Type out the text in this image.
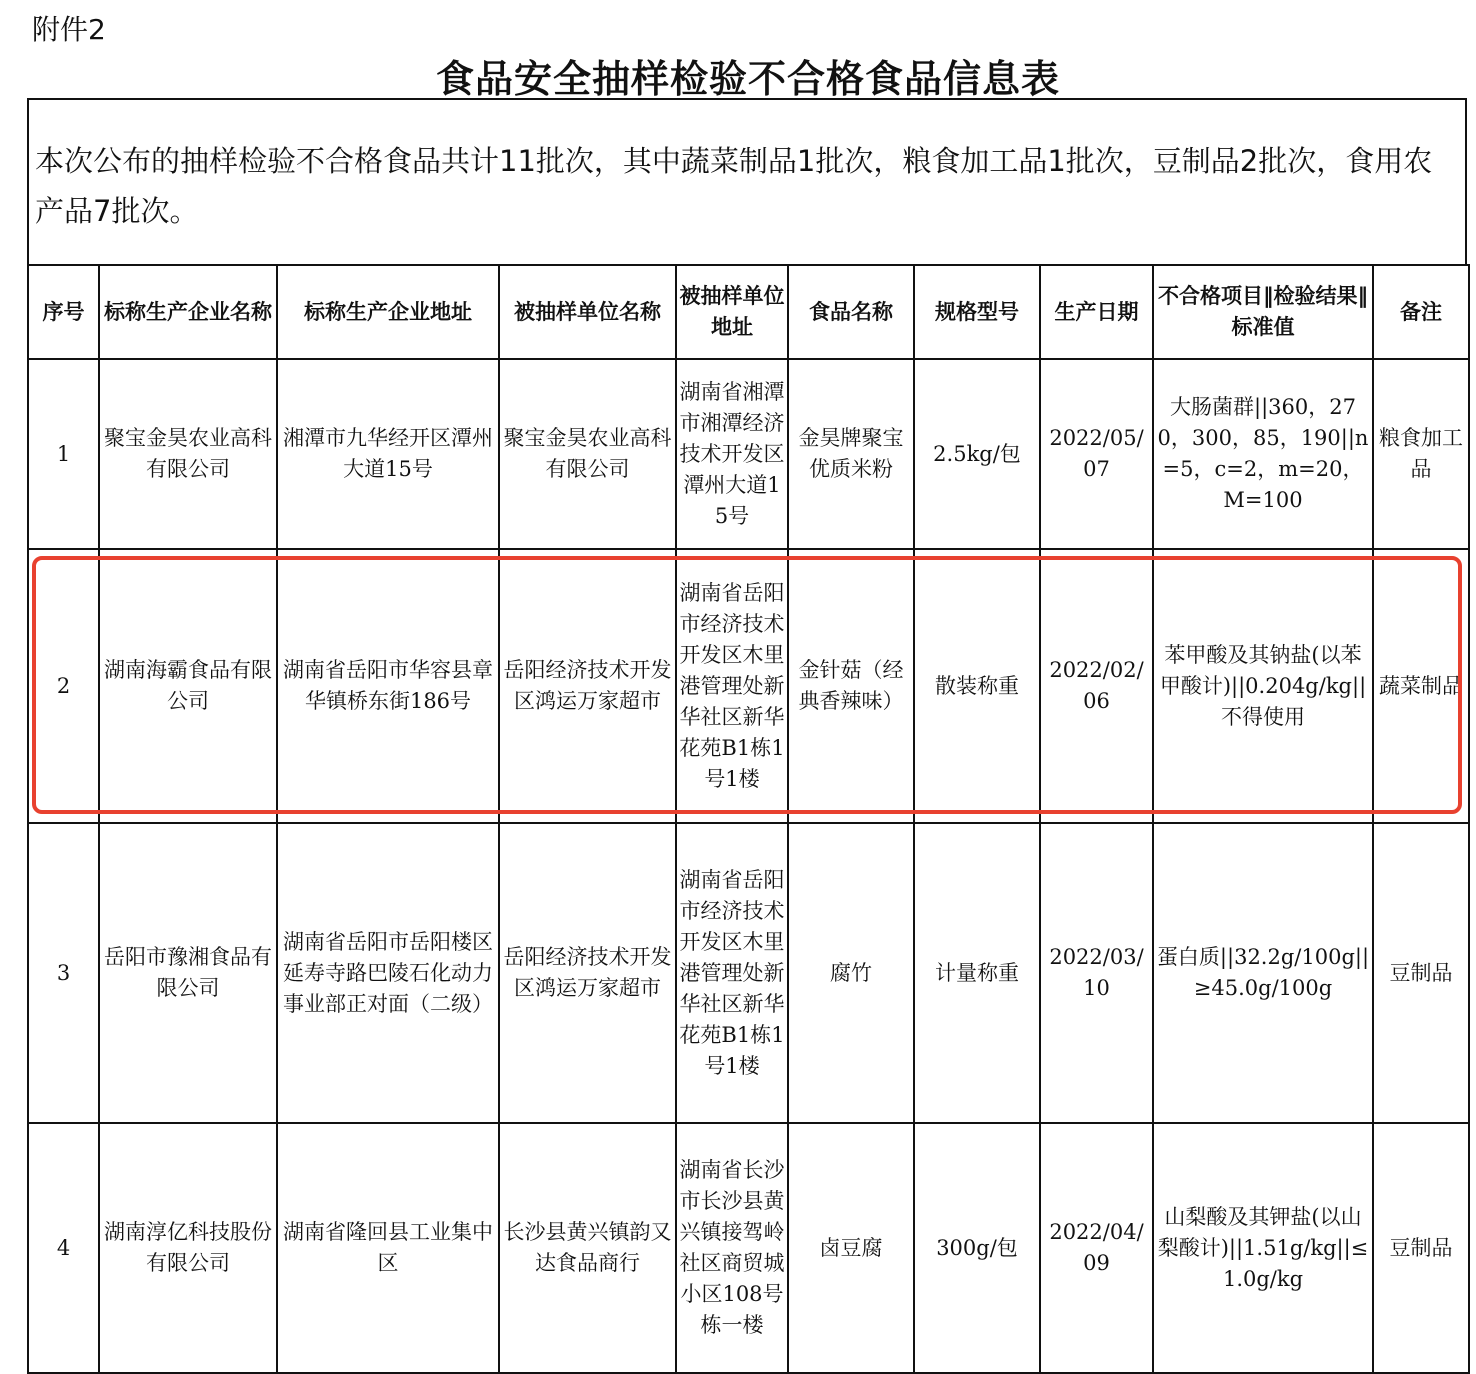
附件2
食品安全抽样检验不合格食品信息表
本次公布的抽样检验不合格食品共计11批次，其中蔬菜制品1批次，粮食加工品1批次，豆制品2批次，食用农产品7批次。
序号	标称生产企业名称	标称生产企业地址	被抽样单位名称	被抽样单位地址	食品名称	规格型号	生产日期	不合格项目‖检验结果‖标准值	备注
1	聚宝金昊农业高科有限公司	湘潭市九华经开区潭州大道15号	聚宝金昊农业高科有限公司	湖南省湘潭市湘潭经济技术开发区潭州大道15号	金昊牌聚宝优质米粉	2.5kg/包	2022/05/07	大肠菌群||360，270，300，85，190||n=5，c=2，m=20，M=100	粮食加工品
2	湖南海霸食品有限公司	湖南省岳阳市华容县章华镇桥东街186号	岳阳经济技术开发区鸿运万家超市	湖南省岳阳市经济技术开发区木里港管理处新华社区新华花苑B1栋1号1楼	金针菇（经典香辣味）	散装称重	2022/02/06	苯甲酸及其钠盐(以苯甲酸计)||0.204g/kg||不得使用	蔬菜制品
3	岳阳市豫湘食品有限公司	湖南省岳阳市岳阳楼区延寿寺路巴陵石化动力事业部正对面（二级）	岳阳经济技术开发区鸿运万家超市	湖南省岳阳市经济技术开发区木里港管理处新华社区新华花苑B1栋1号1楼	腐竹	计量称重	2022/03/10	蛋白质||32.2g/100g||≥45.0g/100g	豆制品
4	湖南淳亿科技股份有限公司	湖南省隆回县工业集中区	长沙县黄兴镇韵又达食品商行	湖南省长沙市长沙县黄兴镇接驾岭社区商贸城小区108号栋一楼	卤豆腐	300g/包	2022/04/09	山梨酸及其钾盐(以山梨酸计)||1.51g/kg||≤1.0g/kg	豆制品
